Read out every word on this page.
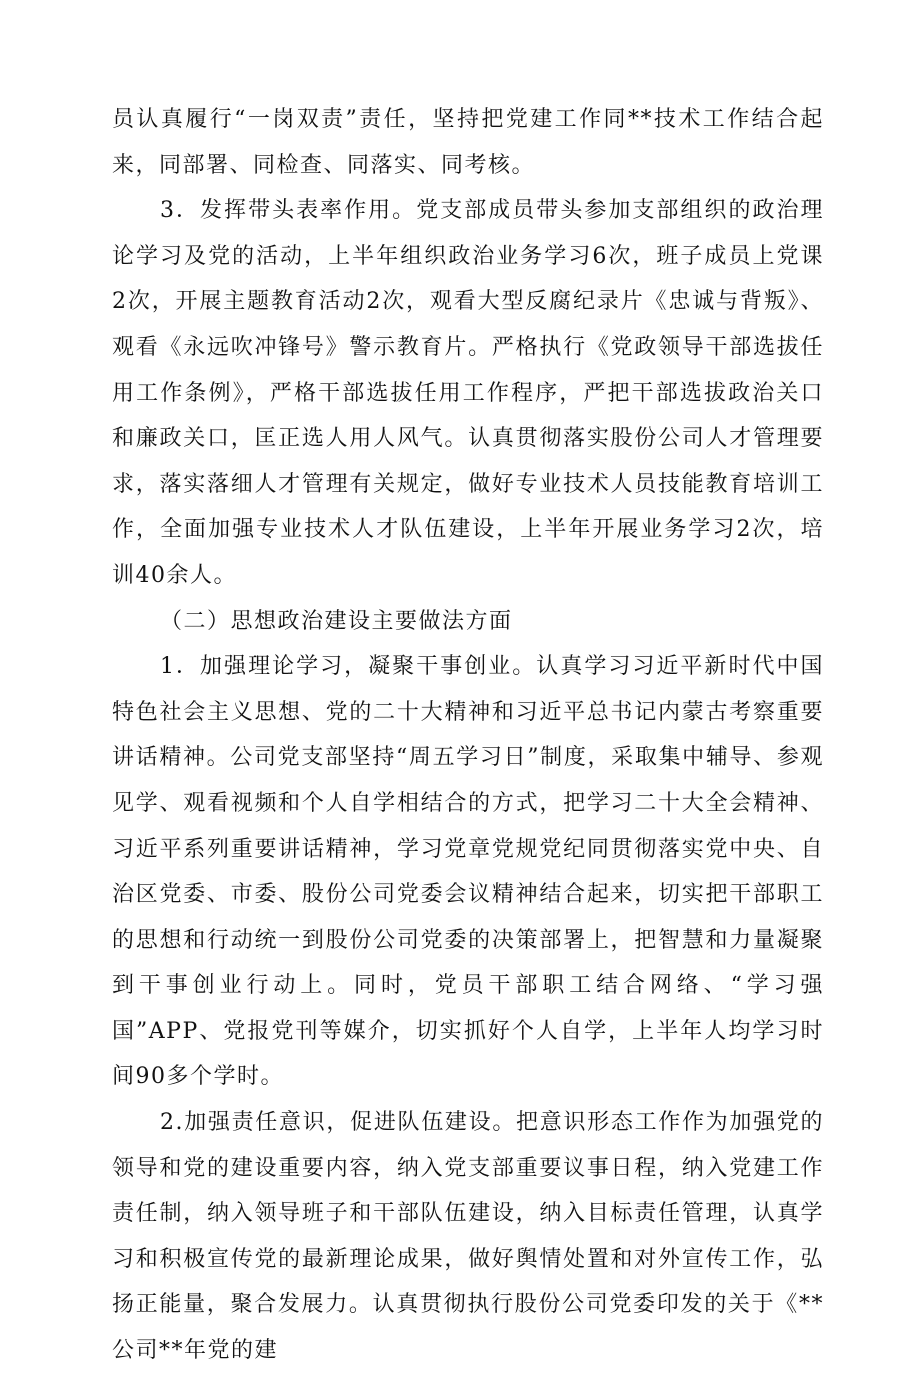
员认真履行“一岗双责”责任，坚持把党建工作同**技术工作结合起来，同部署、同检查、同落实、同考核。

3．发挥带头表率作用。党支部成员带头参加支部组织的政治理论学习及党的活动，上半年组织政治业务学习6次，班子成员上党课2次，开展主题教育活动2次，观看大型反腐纪录片《忠诚与背叛》、观看《永远吹冲锋号》警示教育片。严格执行《党政领导干部选拔任用工作条例》，严格干部选拔任用工作程序，严把干部选拔政治关口和廉政关口，匡正选人用人风气。认真贯彻落实股份公司人才管理要求，落实落细人才管理有关规定，做好专业技术人员技能教育培训工作，全面加强专业技术人才队伍建设，上半年开展业务学习2次，培训40余人。

（二）思想政治建设主要做法方面

1．加强理论学习，凝聚干事创业。认真学习习近平新时代中国特色社会主义思想、党的二十大精神和习近平总书记内蒙古考察重要讲话精神。公司党支部坚持“周五学习日”制度，采取集中辅导、参观见学、观看视频和个人自学相结合的方式，把学习二十大全会精神、习近平系列重要讲话精神，学习党章党规党纪同贯彻落实党中央、自治区党委、市委、股份公司党委会议精神结合起来，切实把干部职工的思想和行动统一到股份公司党委的决策部署上，把智慧和力量凝聚到干事创业行动上。同时，党员干部职工结合网络、“学习强国”APP、党报党刊等媒介，切实抓好个人自学，上半年人均学习时间90多个学时。

2.加强责任意识，促进队伍建设。把意识形态工作作为加强党的领导和党的建设重要内容，纳入党支部重要议事日程，纳入党建工作责任制，纳入领导班子和干部队伍建设，纳入目标责任管理，认真学习和积极宣传党的最新理论成果，做好舆情处置和对外宣传工作，弘扬正能量，聚合发展力。认真贯彻执行股份公司党委印发的关于《**公司**年党的建
